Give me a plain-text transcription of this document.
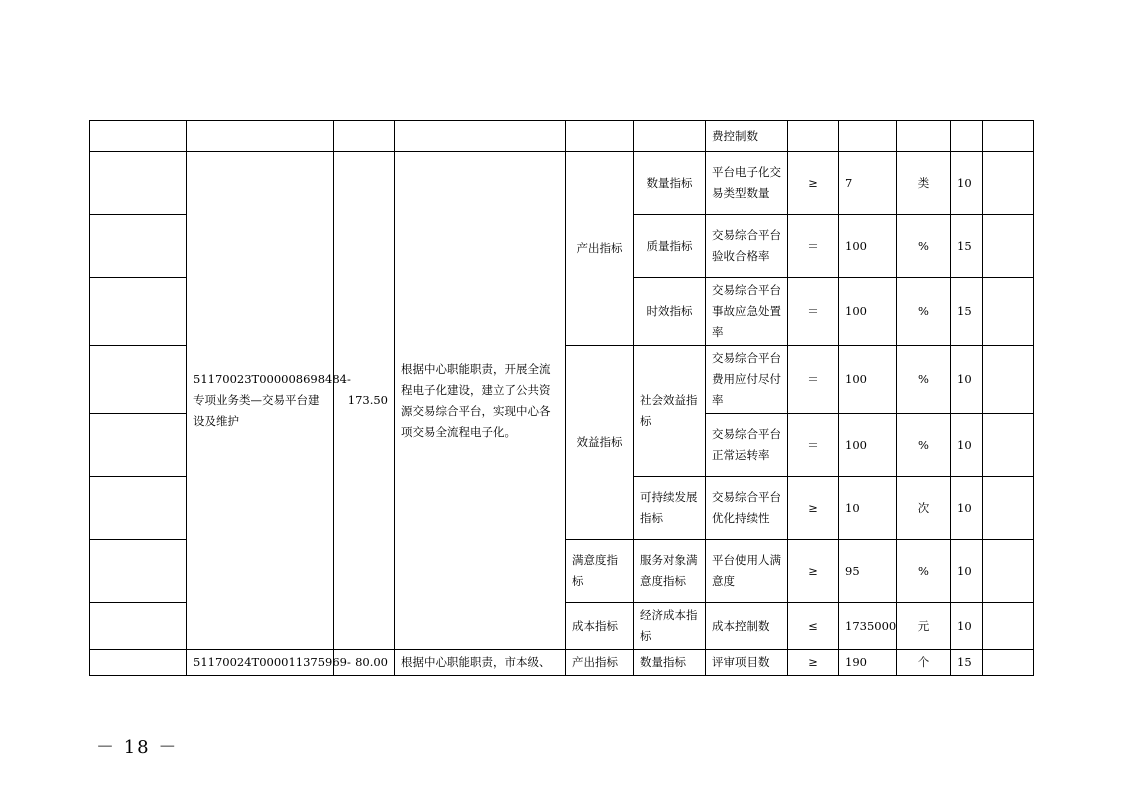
						费控制数					
	51170023T000008698484-专项业务类—交易平台建设及维护	173.50	根据中心职能职责，开展全流程电子化建设，建立了公共资源交易综合平台，实现中心各项交易全流程电子化。	产出指标	数量指标	平台电子化交易类型数量	≥	7	类	10	
					质量指标	交易综合平台验收合格率	＝	100	%	15	
					时效指标	交易综合平台事故应急处置率	＝	100	%	15	
				效益指标	社会效益指标	交易综合平台费用应付尽付率	＝	100	%	10	
						交易综合平台正常运转率	＝	100	%	10	
					可持续发展指标	交易综合平台优化持续性	≥	10	次	10	
				满意度指标	服务对象满意度指标	平台使用人满意度	≥	95	%	10	
				成本指标	经济成本指标	成本控制数	≤	1735000	元	10	
	51170024T000011375969-	80.00	根据中心职能职责，市本级、	产出指标	数量指标	评审项目数	≥	190	个	15	
－ 18 －
